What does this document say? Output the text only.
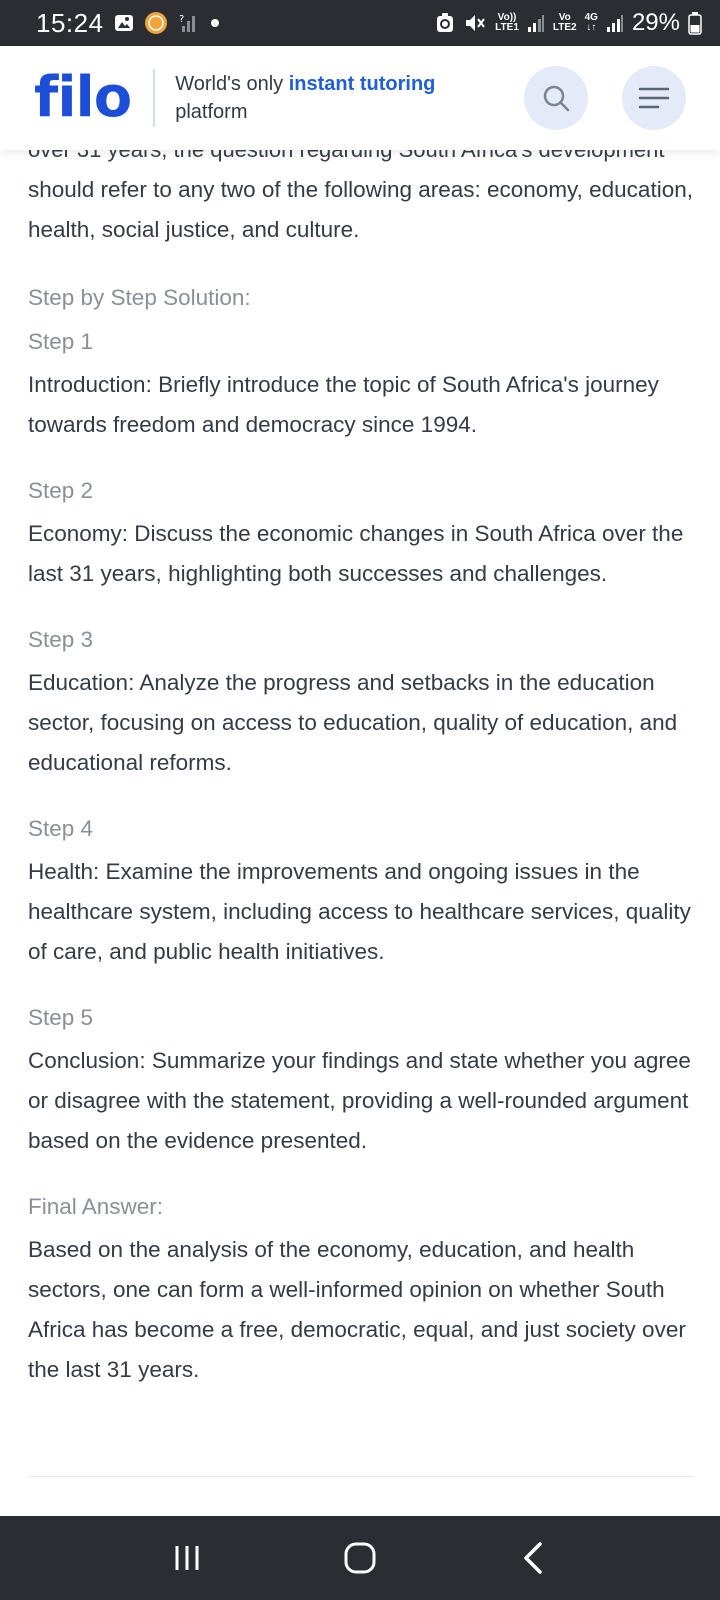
15:24	?	Vo))
LTE1
Vo
LTE2
4G
↓↑ 29%
filo World's only instant tutoring
platform

should refer to any two of the following areas: economy, education, health, social justice, and culture.

Step by Step Solution:

Step 1

Introduction: Briefly introduce the topic of South Africa's journey towards freedom and democracy since 1994.

Step 2

Economy: Discuss the economic changes in South Africa over the last 31 years, highlighting both successes and challenges.

Step 3

Education: Analyze the progress and setbacks in the education sector, focusing on access to education, quality of education, and educational reforms.

Step 4

Health: Examine the improvements and ongoing issues in the healthcare system, including access to healthcare services, quality of care, and public health initiatives.

Step 5

Conclusion: Summarize your findings and state whether you agree or disagree with the statement, providing a well-rounded argument based on the evidence presented.

Final Answer:

Based on the analysis of the economy, education, and health sectors, one can form a well-informed opinion on whether South Africa has become a free, democratic, equal, and just society over the last 31 years.
